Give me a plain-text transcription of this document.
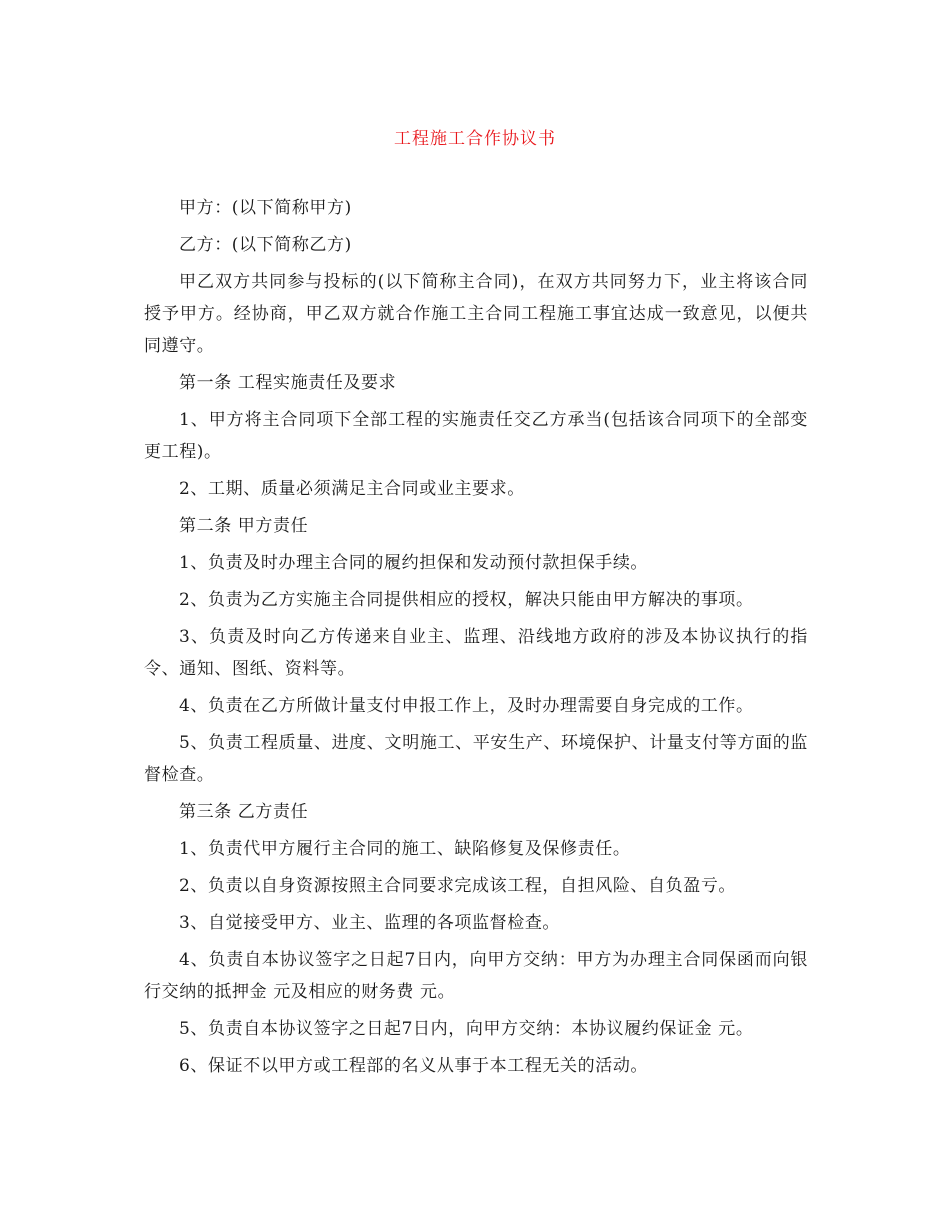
工程施工合作协议书

甲方：(以下简称甲方)

乙方：(以下简称乙方)

甲乙双方共同参与投标的(以下简称主合同)，在双方共同努力下，业主将该合同授予甲方。经协商，甲乙双方就合作施工主合同工程施工事宜达成一致意见，以便共同遵守。

第一条 工程实施责任及要求

1、甲方将主合同项下全部工程的实施责任交乙方承当(包括该合同项下的全部变更工程)。

2、工期、质量必须满足主合同或业主要求。

第二条 甲方责任

1、负责及时办理主合同的履约担保和发动预付款担保手续。

2、负责为乙方实施主合同提供相应的授权，解决只能由甲方解决的事项。

3、负责及时向乙方传递来自业主、监理、沿线地方政府的涉及本协议执行的指令、通知、图纸、资料等。

4、负责在乙方所做计量支付申报工作上，及时办理需要自身完成的工作。

5、负责工程质量、进度、文明施工、平安生产、环境保护、计量支付等方面的监督检查。

第三条 乙方责任

1、负责代甲方履行主合同的施工、缺陷修复及保修责任。

2、负责以自身资源按照主合同要求完成该工程，自担风险、自负盈亏。

3、自觉接受甲方、业主、监理的各项监督检查。

4、负责自本协议签字之日起7日内，向甲方交纳：甲方为办理主合同保函而向银行交纳的抵押金 元及相应的财务费 元。

5、负责自本协议签字之日起7日内，向甲方交纳：本协议履约保证金 元。

6、保证不以甲方或工程部的名义从事于本工程无关的活动。
